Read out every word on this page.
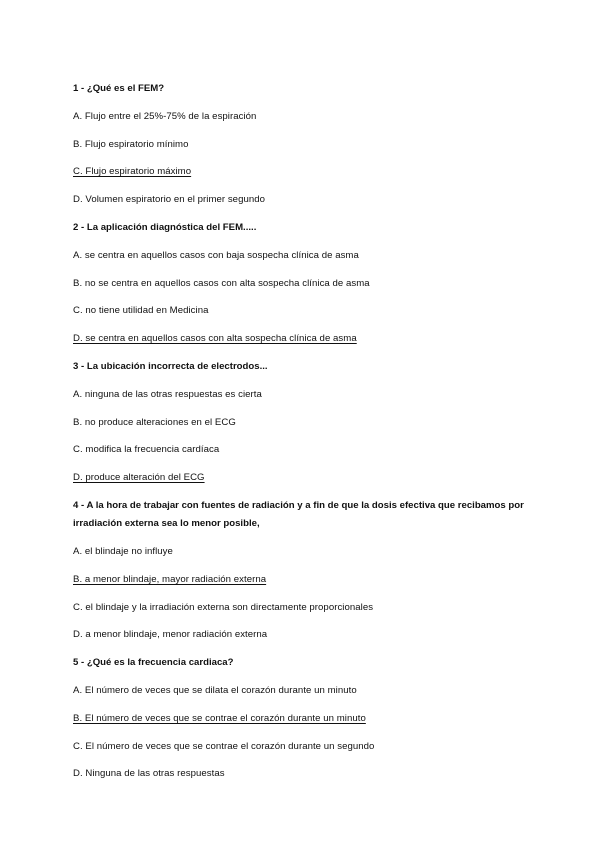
1 - ¿Qué es el FEM?
A. Flujo entre el 25%-75% de la espiración
B. Flujo espiratorio mínimo
C. Flujo espiratorio máximo
D. Volumen espiratorio en el primer segundo
2 - La aplicación diagnóstica del FEM.....
A. se centra en aquellos casos con baja sospecha clínica de asma
B. no se centra en aquellos casos con alta sospecha clínica de asma
C. no tiene utilidad en Medicina
D. se centra en aquellos casos con alta sospecha clínica de asma
3 - La ubicación incorrecta de electrodos...
A. ninguna de las otras respuestas es cierta
B. no produce alteraciones en el ECG
C. modifica la frecuencia cardíaca
D. produce alteración del ECG
4 - A la hora de trabajar con fuentes de radiación y a fin de que la dosis efectiva que recibamos por irradiación externa sea lo menor posible,
A. el blindaje no influye
B. a menor blindaje, mayor radiación externa
C. el blindaje y la irradiación externa son directamente proporcionales
D. a menor blindaje, menor radiación externa
5 - ¿Qué es la frecuencia cardiaca?
A. El número de veces que se dilata el corazón durante un minuto
B. El número de veces que se contrae el corazón durante un minuto
C. El número de veces que se contrae el corazón durante un segundo
D. Ninguna de las otras respuestas
